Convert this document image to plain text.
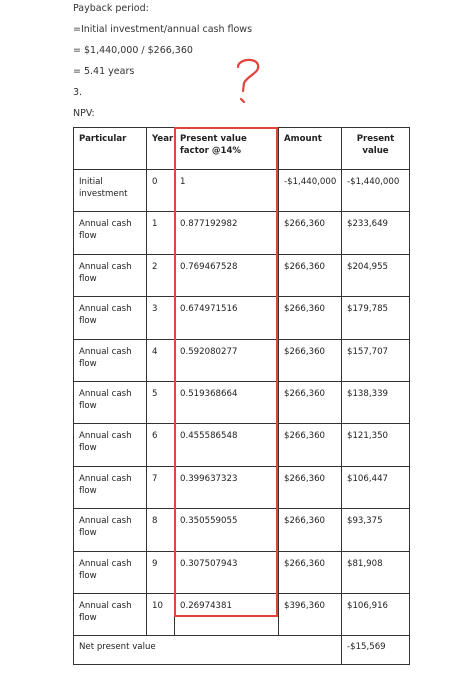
Payback period:
=Initial investment/annual cash flows
= $1,440,000 / $266,360
= 5.41 years
3.
NPV:
Particular	Year	Present value factor @14%	Amount	Present value
Initial investment	0	1	-$1,440,000	-$1,440,000
Annual cash flow	1	0.877192982	$266,360	$233,649
Annual cash flow	2	0.769467528	$266,360	$204,955
Annual cash flow	3	0.674971516	$266,360	$179,785
Annual cash flow	4	0.592080277	$266,360	$157,707
Annual cash flow	5	0.519368664	$266,360	$138,339
Annual cash flow	6	0.455586548	$266,360	$121,350
Annual cash flow	7	0.399637323	$266,360	$106,447
Annual cash flow	8	0.350559055	$266,360	$93,375
Annual cash flow	9	0.307507943	$266,360	$81,908
Annual cash flow	10	0.26974381	$396,360	$106,916
Net present value				-$15,569
